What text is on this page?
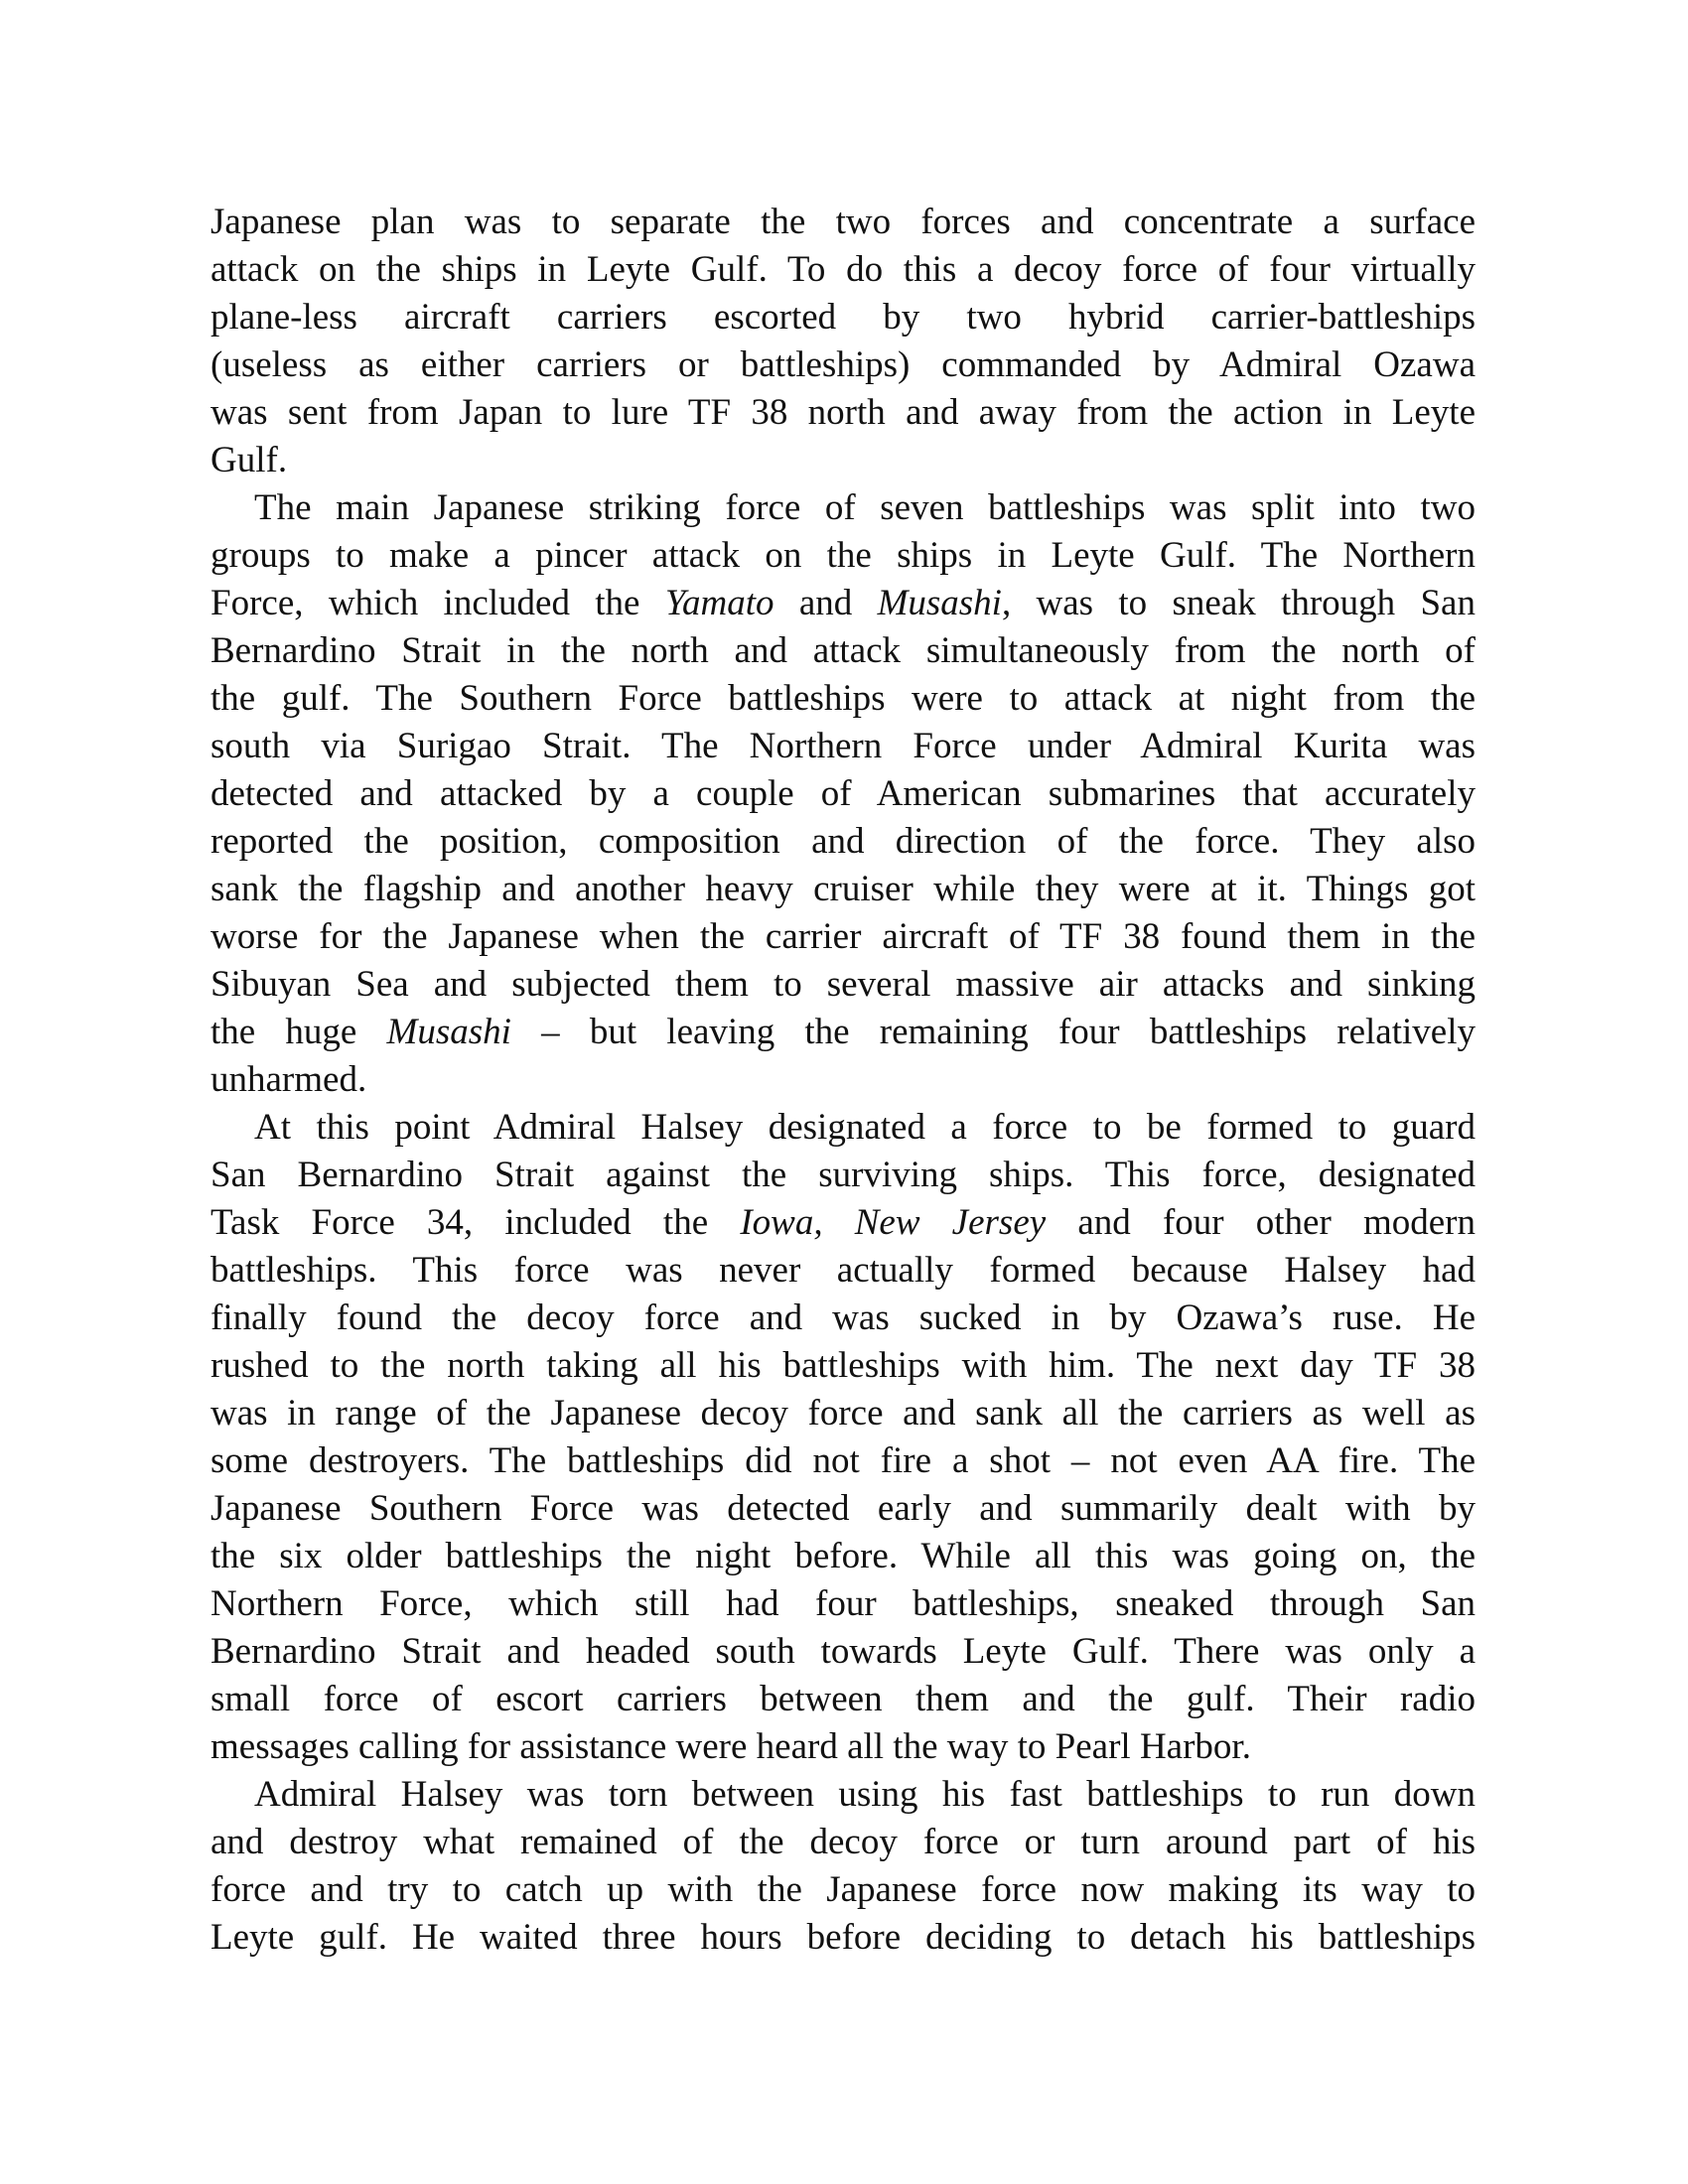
Japanese plan was to separate the two forces and concentrate a surface
attack on the ships in Leyte Gulf. To do this a decoy force of four virtually
plane-less aircraft carriers escorted by two hybrid carrier-battleships
(useless as either carriers or battleships) commanded by Admiral Ozawa
was sent from Japan to lure TF 38 north and away from the action in Leyte
Gulf.
The main Japanese striking force of seven battleships was split into two
groups to make a pincer attack on the ships in Leyte Gulf. The Northern
Force, which included the Yamato and Musashi, was to sneak through San
Bernardino Strait in the north and attack simultaneously from the north of
the gulf. The Southern Force battleships were to attack at night from the
south via Surigao Strait. The Northern Force under Admiral Kurita was
detected and attacked by a couple of American submarines that accurately
reported the position, composition and direction of the force. They also
sank the flagship and another heavy cruiser while they were at it. Things got
worse for the Japanese when the carrier aircraft of TF 38 found them in the
Sibuyan Sea and subjected them to several massive air attacks and sinking
the huge Musashi – but leaving the remaining four battleships relatively
unharmed.
At this point Admiral Halsey designated a force to be formed to guard
San Bernardino Strait against the surviving ships. This force, designated
Task Force 34, included the Iowa, New Jersey and four other modern
battleships. This force was never actually formed because Halsey had
finally found the decoy force and was sucked in by Ozawa’s ruse. He
rushed to the north taking all his battleships with him. The next day TF 38
was in range of the Japanese decoy force and sank all the carriers as well as
some destroyers. The battleships did not fire a shot – not even AA fire. The
Japanese Southern Force was detected early and summarily dealt with by
the six older battleships the night before. While all this was going on, the
Northern Force, which still had four battleships, sneaked through San
Bernardino Strait and headed south towards Leyte Gulf. There was only a
small force of escort carriers between them and the gulf. Their radio
messages calling for assistance were heard all the way to Pearl Harbor.
Admiral Halsey was torn between using his fast battleships to run down
and destroy what remained of the decoy force or turn around part of his
force and try to catch up with the Japanese force now making its way to
Leyte gulf. He waited three hours before deciding to detach his battleships
